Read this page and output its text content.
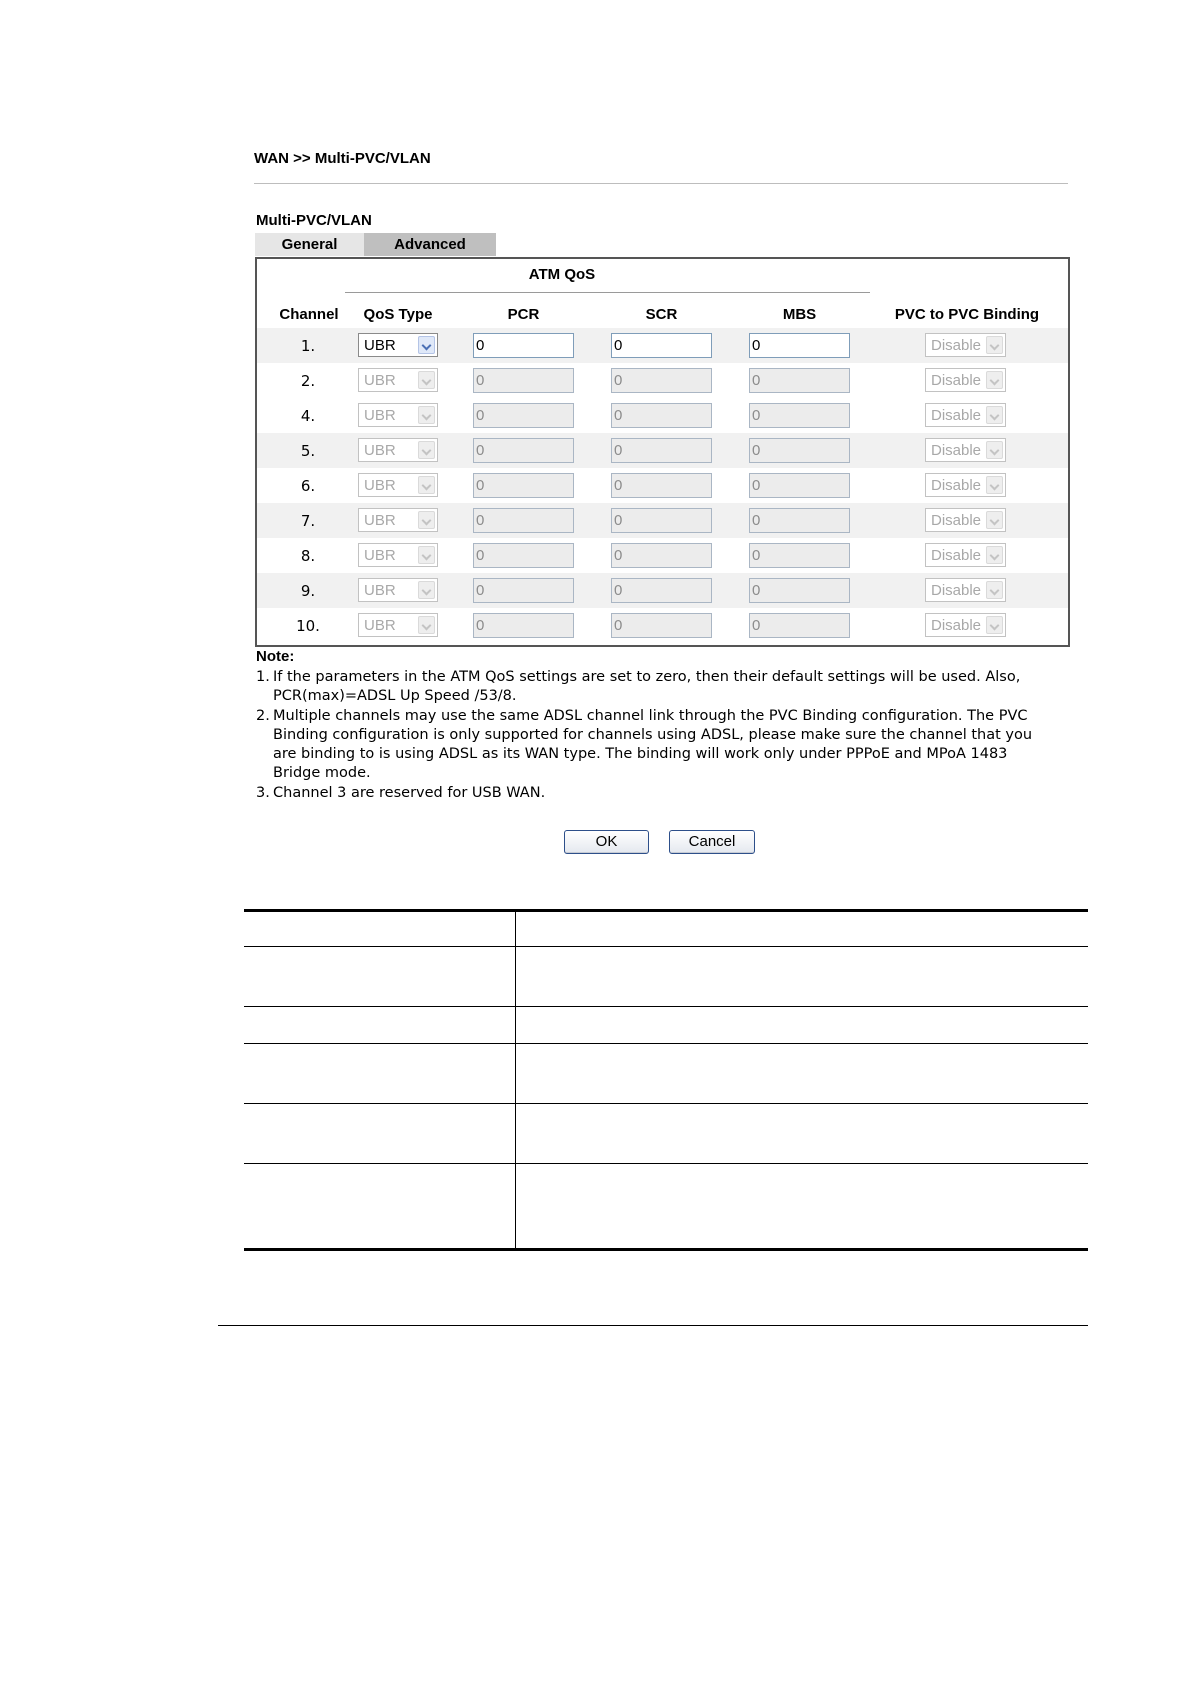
WAN >> Multi-PVC/VLAN
Multi-PVC/VLAN
General	Advanced
ATM QoS
Channel	QoS Type	PCR	SCR	MBS	PVC to PVC Binding
1.	UBR	0	0	0	Disable
2.	UBR	0	0	0	Disable
4.	UBR	0	0	0	Disable
5.	UBR	0	0	0	Disable
6.	UBR	0	0	0	Disable
7.	UBR	0	0	0	Disable
8.	UBR	0	0	0	Disable
9.	UBR	0	0	0	Disable
10.	UBR	0	0	0	Disable
Note:
1. If the parameters in the ATM QoS settings are set to zero, then their default settings will be used. Also, PCR(max)=ADSL Up Speed /53/8.
2. Multiple channels may use the same ADSL channel link through the PVC Binding configuration. The PVC Binding configuration is only supported for channels using ADSL, please make sure the channel that you are binding to is using ADSL as its WAN type. The binding will work only under PPPoE and MPoA 1483 Bridge mode.
3. Channel 3 are reserved for USB WAN.
OK	Cancel
